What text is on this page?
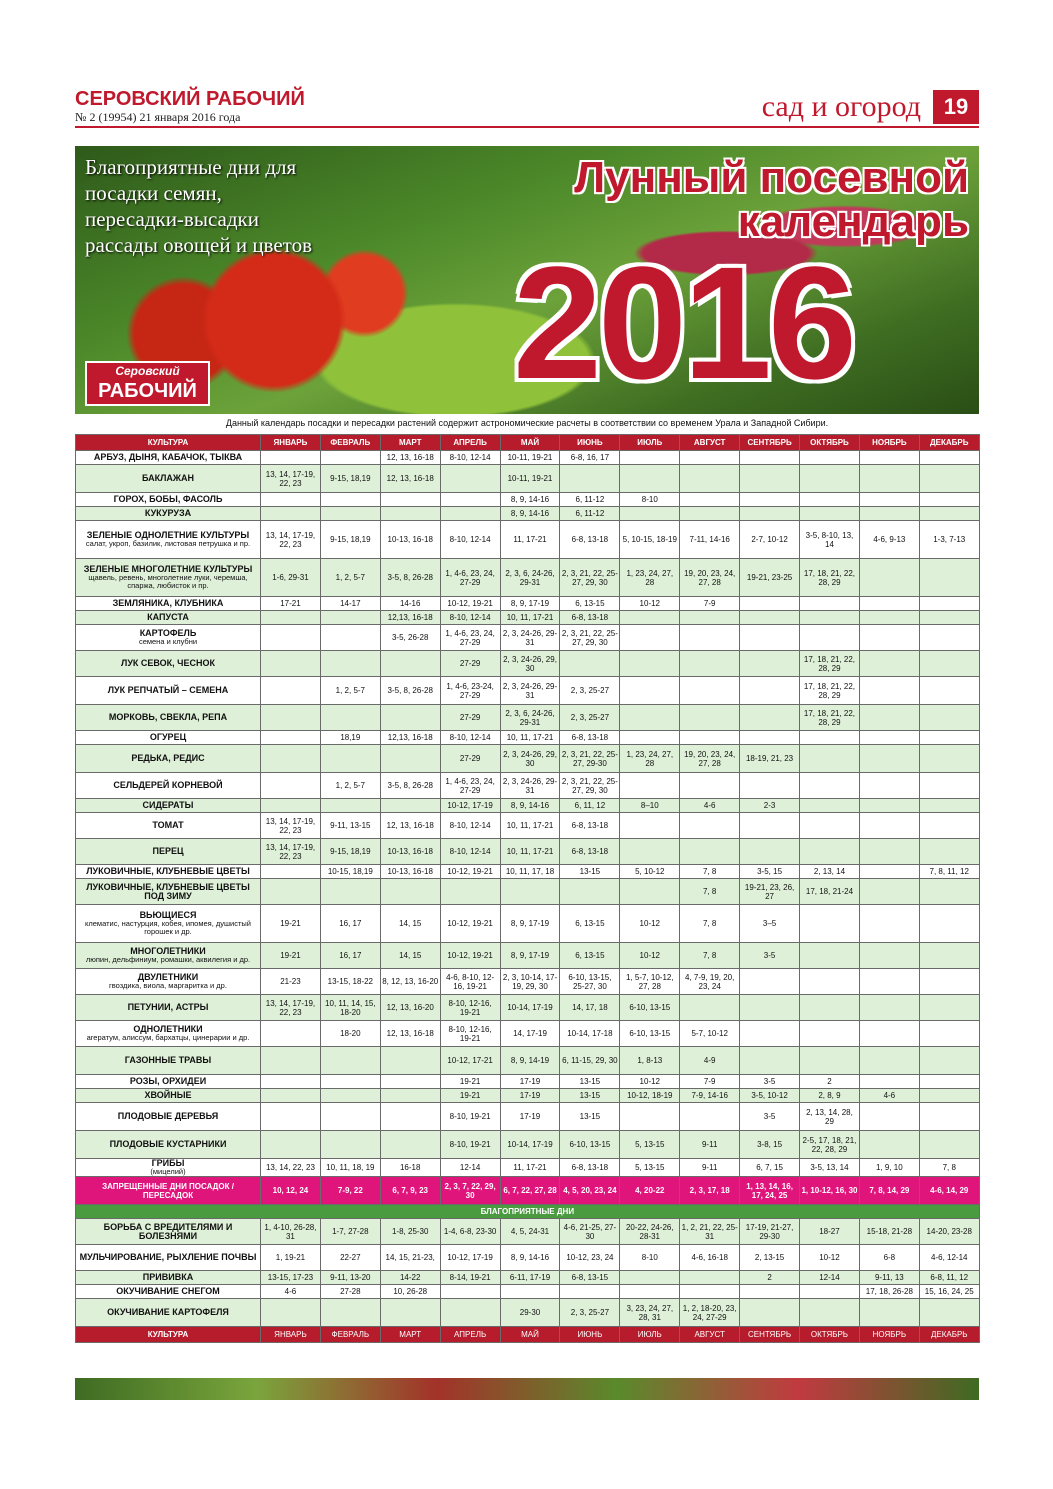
СЕРОВСКИЙ РАБОЧИЙ
№ 2 (19954) 21 января 2016 года	сад и огород	19
Благоприятные дни для посадки семян, пересадки-высадки рассады овощей и цветов
Лунный посевной
календарь
2016
Серовский
РАБОЧИЙ
Данный календарь посадки и пересадки растений содержит астрономические расчеты в соответствии со временем Урала и Западной Сибири.
КУЛЬТУРА	ЯНВАРЬ	ФЕВРАЛЬ	МАРТ	АПРЕЛЬ	МАЙ	ИЮНЬ	ИЮЛЬ	АВГУСТ	СЕНТЯБРЬ	ОКТЯБРЬ	НОЯБРЬ	ДЕКАБРЬ
АРБУЗ, ДЫНЯ, КАБАЧОК, ТЫКВА			12, 13, 16-18	8-10, 12-14	10-11, 19-21	6-8, 16, 17						
БАКЛАЖАН	13, 14, 17-19, 22, 23	9-15, 18,19	12, 13, 16-18		10-11, 19-21							
ГОРОХ, БОБЫ, ФАСОЛЬ					8, 9, 14-16	6, 11-12	8-10					
КУКУРУЗА					8, 9, 14-16	6, 11-12						
ЗЕЛЕНЫЕ ОДНОЛЕТНИЕ КУЛЬТУРЫ
салат, укроп, базилик, листовая петрушка и пр.	13, 14, 17-19, 22, 23	9-15, 18,19	10-13, 16-18	8-10, 12-14	11, 17-21	6-8, 13-18	5, 10-15, 18-19	7-11, 14-16	2-7, 10-12	3-5, 8-10, 13, 14	4-6, 9-13	1-3, 7-13
ЗЕЛЕНЫЕ МНОГОЛЕТНИЕ КУЛЬТУРЫ
щавель, ревень, многолетние луки, черемша, спаржа, любисток и пр.	1-6, 29-31	1, 2, 5-7	3-5, 8, 26-28	1, 4-6, 23, 24, 27-29	2, 3, 6, 24-26, 29-31	2, 3, 21, 22, 25-27, 29, 30	1, 23, 24, 27, 28	19, 20, 23, 24, 27, 28	19-21, 23-25	17, 18, 21, 22, 28, 29		
ЗЕМЛЯНИКА, КЛУБНИКА	17-21	14-17	14-16	10-12, 19-21	8, 9, 17-19	6, 13-15	10-12	7-9				
КАПУСТА			12,13, 16-18	8-10, 12-14	10, 11, 17-21	6-8, 13-18						
КАРТОФЕЛЬ
семена и клубни			3-5, 26-28	1, 4-6, 23, 24, 27-29	2, 3, 24-26, 29-31	2, 3, 21, 22, 25-27, 29, 30						
ЛУК СЕВОК, ЧЕСНОК				27-29	2, 3, 24-26, 29, 30					17, 18, 21, 22, 28, 29		
ЛУК РЕПЧАТЫЙ – СЕМЕНА		1, 2, 5-7	3-5, 8, 26-28	1, 4-6, 23-24, 27-29	2, 3, 24-26, 29-31	2, 3, 25-27				17, 18, 21, 22, 28, 29		
МОРКОВЬ, СВЕКЛА, РЕПА				27-29	2, 3, 6, 24-26, 29-31	2, 3, 25-27				17, 18, 21, 22, 28, 29		
ОГУРЕЦ		18,19	12,13, 16-18	8-10, 12-14	10, 11, 17-21	6-8, 13-18						
РЕДЬКА, РЕДИС				27-29	2, 3, 24-26, 29, 30	2, 3, 21, 22, 25-27, 29-30	1, 23, 24, 27, 28	19, 20, 23, 24, 27, 28	18-19, 21, 23			
СЕЛЬДЕРЕЙ КОРНЕВОЙ		1, 2, 5-7	3-5, 8, 26-28	1, 4-6, 23, 24, 27-29	2, 3, 24-26, 29-31	2, 3, 21, 22, 25-27, 29, 30						
СИДЕРАТЫ				10-12, 17-19	8, 9, 14-16	6, 11, 12	8–10	4-6	2-3			
ТОМАТ	13, 14, 17-19, 22, 23	9-11, 13-15	12, 13, 16-18	8-10, 12-14	10, 11, 17-21	6-8, 13-18						
ПЕРЕЦ	13, 14, 17-19, 22, 23	9-15, 18,19	10-13, 16-18	8-10, 12-14	10, 11, 17-21	6-8, 13-18						
ЛУКОВИЧНЫЕ, КЛУБНЕВЫЕ ЦВЕТЫ		10-15, 18,19	10-13, 16-18	10-12, 19-21	10, 11, 17, 18	13-15	5, 10-12	7, 8	3-5, 15	2, 13, 14		7, 8, 11, 12
ЛУКОВИЧНЫЕ, КЛУБНЕВЫЕ ЦВЕТЫ ПОД ЗИМУ								7, 8	19-21, 23, 26, 27	17, 18, 21-24		
ВЬЮЩИЕСЯ
клематис, настурция, кобея, ипомея, душистый горошек и др.	19-21	16, 17	14, 15	10-12, 19-21	8, 9, 17-19	6, 13-15	10-12	7, 8	3–5			
МНОГОЛЕТНИКИ
люпин, дельфиниум, ромашки, аквилегия и др.	19-21	16, 17	14, 15	10-12, 19-21	8, 9, 17-19	6, 13-15	10-12	7, 8	3-5			
ДВУЛЕТНИКИ
гвоздика, виола, маргаритка и др.	21-23	13-15, 18-22	8, 12, 13, 16-20	4-6, 8-10, 12-16, 19-21	2, 3, 10-14, 17-19, 29, 30	6-10, 13-15, 25-27, 30	1, 5-7, 10-12, 27, 28	4, 7-9, 19, 20, 23, 24				
ПЕТУНИИ, АСТРЫ	13, 14, 17-19, 22, 23	10, 11, 14, 15, 18-20	12, 13, 16-20	8-10, 12-16, 19-21	10-14, 17-19	14, 17, 18	6-10, 13-15					
ОДНОЛЕТНИКИ
агератум, алиссум, бархатцы, цинерарии и др.		18-20	12, 13, 16-18	8-10, 12-16, 19-21	14, 17-19	10-14, 17-18	6-10, 13-15	5-7, 10-12				
ГАЗОННЫЕ ТРАВЫ				10-12, 17-21	8, 9, 14-19	6, 11-15, 29, 30	1, 8-13	4-9				
РОЗЫ, ОРХИДЕИ				19-21	17-19	13-15	10-12	7-9	3-5	2		
ХВОЙНЫЕ				19-21	17-19	13-15	10-12, 18-19	7-9, 14-16	3-5, 10-12	2, 8, 9	4-6	
ПЛОДОВЫЕ ДЕРЕВЬЯ				8-10, 19-21	17-19	13-15			3-5	2, 13, 14, 28, 29		
ПЛОДОВЫЕ КУСТАРНИКИ				8-10, 19-21	10-14, 17-19	6-10, 13-15	5, 13-15	9-11	3-8, 15	2-5, 17, 18, 21, 22, 28, 29		
ГРИБЫ
(мицелий)	13, 14, 22, 23	10, 11, 18, 19	16-18	12-14	11, 17-21	6-8, 13-18	5, 13-15	9-11	6, 7, 15	3-5, 13, 14	1, 9, 10	7, 8
ЗАПРЕЩЕННЫЕ ДНИ ПОСАДОК / ПЕРЕСАДОК	10, 12, 24	7-9, 22	6, 7, 9, 23	2, 3, 7, 22, 29, 30	6, 7, 22, 27, 28	4, 5, 20, 23, 24	4, 20-22	2, 3, 17, 18	1, 13, 14, 16, 17, 24, 25	1, 10-12, 16, 30	7, 8, 14, 29	4-6, 14, 29
БЛАГОПРИЯТНЫЕ ДНИ												
БОРЬБА С ВРЕДИТЕЛЯМИ И БОЛЕЗНЯМИ	1, 4-10, 26-28, 31	1-7, 27-28	1-8, 25-30	1-4, 6-8, 23-30	4, 5, 24-31	4-6, 21-25, 27-30	20-22, 24-26, 28-31	1, 2, 21, 22, 25-31	17-19, 21-27, 29-30	18-27	15-18, 21-28	14-20, 23-28
МУЛЬЧИРОВАНИЕ, РЫХЛЕНИЕ ПОЧВЫ	1, 19-21	22-27	14, 15, 21-23,	10-12, 17-19	8, 9, 14-16	10-12, 23, 24	8-10	4-6, 16-18	2, 13-15	10-12	6-8	4-6, 12-14
ПРИВИВКА	13-15, 17-23	9-11, 13-20	14-22	8-14, 19-21	6-11, 17-19	6-8, 13-15			2	12-14	9-11, 13	6-8, 11, 12
ОКУЧИВАНИЕ СНЕГОМ	4-6	27-28	10, 26-28								17, 18, 26-28	15, 16, 24, 25
ОКУЧИВАНИЕ КАРТОФЕЛЯ					29-30	2, 3, 25-27	3, 23, 24, 27, 28, 31	1, 2, 18-20, 23, 24, 27-29				
КУЛЬТУРА	ЯНВАРЬ	ФЕВРАЛЬ	МАРТ	АПРЕЛЬ	МАЙ	ИЮНЬ	ИЮЛЬ	АВГУСТ	СЕНТЯБРЬ	ОКТЯБРЬ	НОЯБРЬ	ДЕКАБРЬ
